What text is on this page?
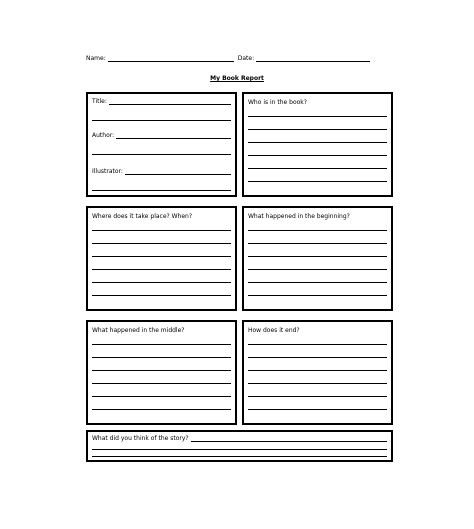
Name:	Date:
My Book Report
Title:
Author:
Illustrator:
Who is in the book?
Where does it take place? When?	What happened in the beginning?
What happened in the middle?	How does it end?
What did you think of the story?
